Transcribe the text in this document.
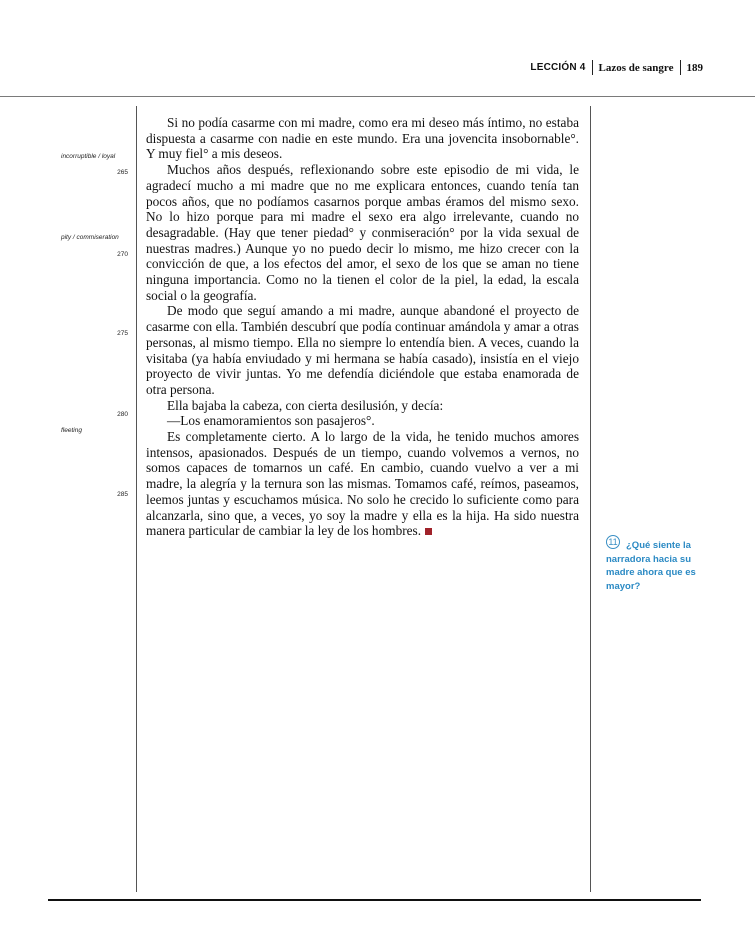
LECCIÓN 4 Lazos de sangre 189
incorruptible / loyal
pity / commiseration
fleeting
265
270
275
280
285

Si no podía casarme con mi madre, como era mi deseo más íntimo, no estaba dispuesta a casarme con nadie en este mundo. Era una jovencita insobornable°. Y muy fiel° a mis deseos.

Muchos años después, reflexionando sobre este episodio de mi vida, le agradecí mucho a mi madre que no me explicara entonces, cuando tenía tan pocos años, que no podíamos casarnos porque ambas éramos del mismo sexo. No lo hizo porque para mi madre el sexo era algo irrelevante, cuando no desagradable. (Hay que tener piedad° y conmiseración° por la vida sexual de nuestras madres.) Aunque yo no puedo decir lo mismo, me hizo crecer con la convicción de que, a los efectos del amor, el sexo de los que se aman no tiene ninguna importancia. Como no la tienen el color de la piel, la edad, la escala social o la geografía.

De modo que seguí amando a mi madre, aunque abandoné el proyecto de casarme con ella. También descubrí que podía continuar amándola y amar a otras personas, al mismo tiempo. Ella no siempre lo entendía bien. A veces, cuando la visitaba (ya había enviudado y mi hermana se había casado), insistía en el viejo proyecto de vivir juntas. Yo me defendía diciéndole que estaba enamorada de otra persona.

Ella bajaba la cabeza, con cierta desilusión, y decía:

—Los enamoramientos son pasajeros°.

Es completamente cierto. A lo largo de la vida, he tenido muchos amores intensos, apasionados. Después de un tiempo, cuando volvemos a vernos, no somos capaces de tomarnos un café. En cambio, cuando vuelvo a ver a mi madre, la alegría y la ternura son las mismas. Tomamos café, reímos, paseamos, leemos juntas y escuchamos música. No solo he crecido lo suficiente como para alcanzarla, sino que, a veces, yo soy la madre y ella es la hija. Ha sido nuestra manera particular de cambiar la ley de los hombres.

11 ¿Qué siente la narradora hacia su madre ahora que es mayor?
